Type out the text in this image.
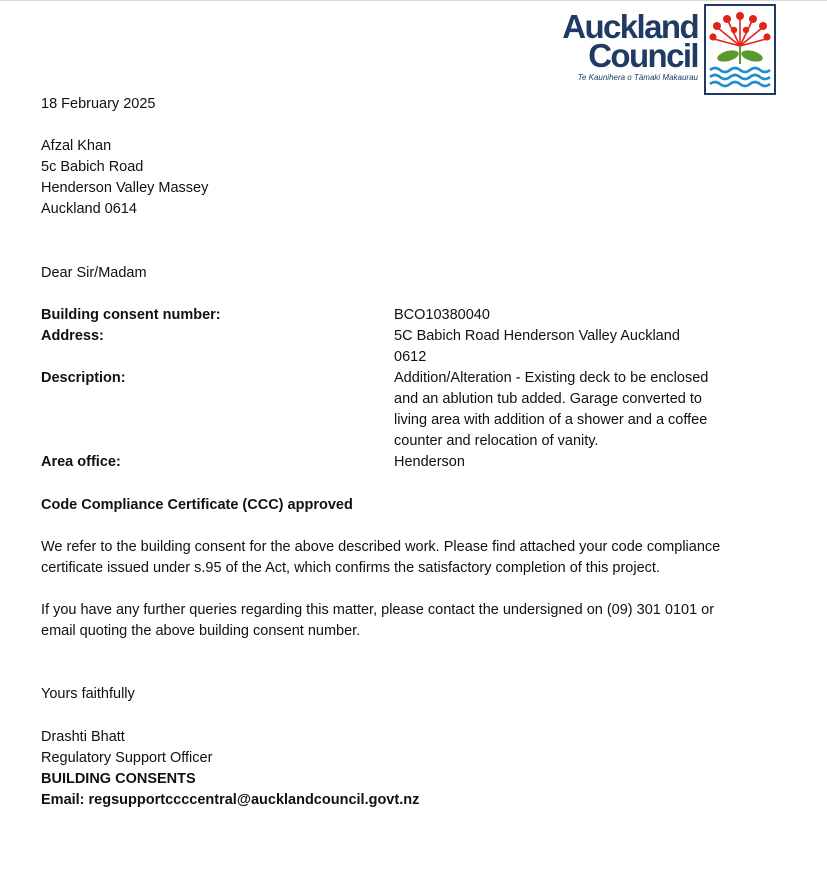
Auckland
Council
Te Kaunihera o Tāmaki Makaurau
18 February 2025
Afzal Khan
5c Babich Road
Henderson Valley Massey
Auckland 0614
Dear Sir/Madam
Building consent number:	BCO10380040
Address:	5C Babich Road Henderson Valley Auckland
0612
Description:	Addition/Alteration - Existing deck to be enclosed
and an ablution tub added. Garage converted to
living area with addition of a shower and a coffee
counter and relocation of vanity.
Area office:	Henderson
Code Compliance Certificate (CCC) approved
We refer to the building consent for the above described work. Please find attached your code compliance
certificate issued under s.95 of the Act, which confirms the satisfactory completion of this project.
If you have any further queries regarding this matter, please contact the undersigned on (09) 301 0101 or
email quoting the above building consent number.
Yours faithfully
Drashti Bhatt
Regulatory Support Officer
BUILDING CONSENTS
Email: regsupportccccentral@aucklandcouncil.govt.nz
